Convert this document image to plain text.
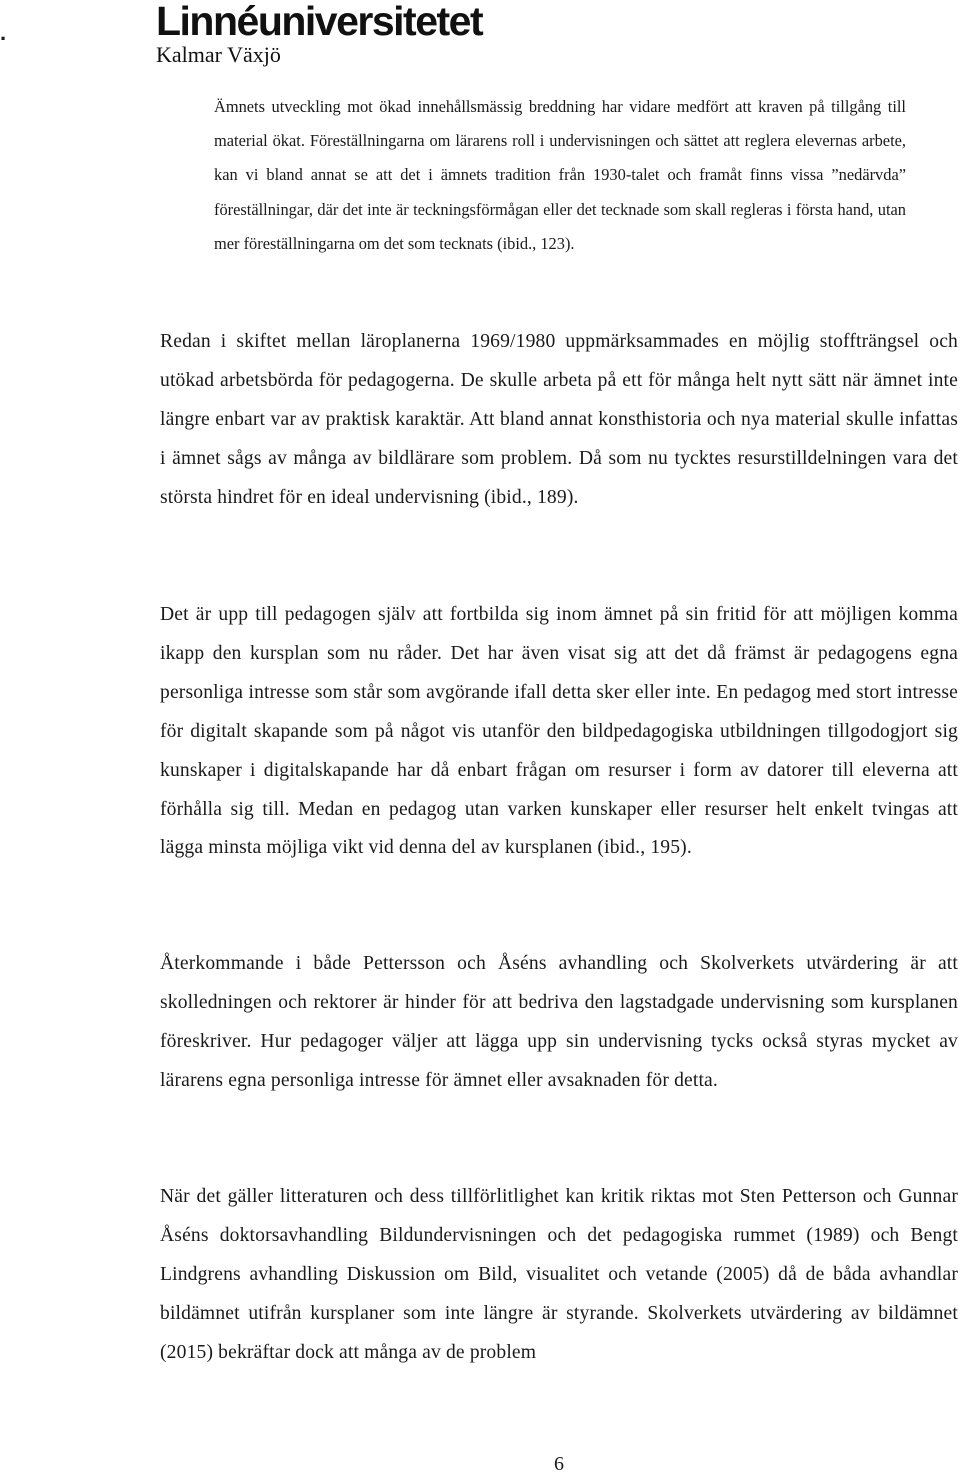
.	Linnéuniversitetet
Kalmar Växjö
Ämnets utveckling mot ökad innehållsmässig breddning har vidare medfört att kraven på tillgång till material ökat. Föreställningarna om lärarens roll i undervisningen och sättet att reglera elevernas arbete, kan vi bland annat se att det i ämnets tradition från 1930-talet och framåt finns vissa ”nedärvda” föreställningar, där det inte är teckningsförmågan eller det tecknade som skall regleras i första hand, utan mer föreställningarna om det som tecknats (ibid., 123).
Redan i skiftet mellan läroplanerna 1969/1980 uppmärksammades en möjlig stoffträngsel och utökad arbetsbörda för pedagogerna. De skulle arbeta på ett för många helt nytt sätt när ämnet inte längre enbart var av praktisk karaktär. Att bland annat konsthistoria och nya material skulle infattas i ämnet sågs av många av bildlärare som problem. Då som nu tycktes resurstilldelningen vara det största hindret för en ideal undervisning (ibid., 189).
Det är upp till pedagogen själv att fortbilda sig inom ämnet på sin fritid för att möjligen komma ikapp den kursplan som nu råder. Det har även visat sig att det då främst är pedagogens egna personliga intresse som står som avgörande ifall detta sker eller inte. En pedagog med stort intresse för digitalt skapande som på något vis utanför den bildpedagogiska utbildningen tillgodogjort sig kunskaper i digitalskapande har då enbart frågan om resurser i form av datorer till eleverna att förhålla sig till. Medan en pedagog utan varken kunskaper eller resurser helt enkelt tvingas att lägga minsta möjliga vikt vid denna del av kursplanen (ibid., 195).
Återkommande i både Pettersson och Åséns avhandling och Skolverkets utvärdering är att skolledningen och rektorer är hinder för att bedriva den lagstadgade undervisning som kursplanen föreskriver. Hur pedagoger väljer att lägga upp sin undervisning tycks också styras mycket av lärarens egna personliga intresse för ämnet eller avsaknaden för detta.
När det gäller litteraturen och dess tillförlitlighet kan kritik riktas mot Sten Petterson och Gunnar Åséns doktorsavhandling Bildundervisningen och det pedagogiska rummet (1989) och Bengt Lindgrens avhandling Diskussion om Bild, visualitet och vetande (2005) då de båda avhandlar bildämnet utifrån kursplaner som inte längre är styrande. Skolverkets utvärdering av bildämnet (2015) bekräftar dock att många av de problem
6
